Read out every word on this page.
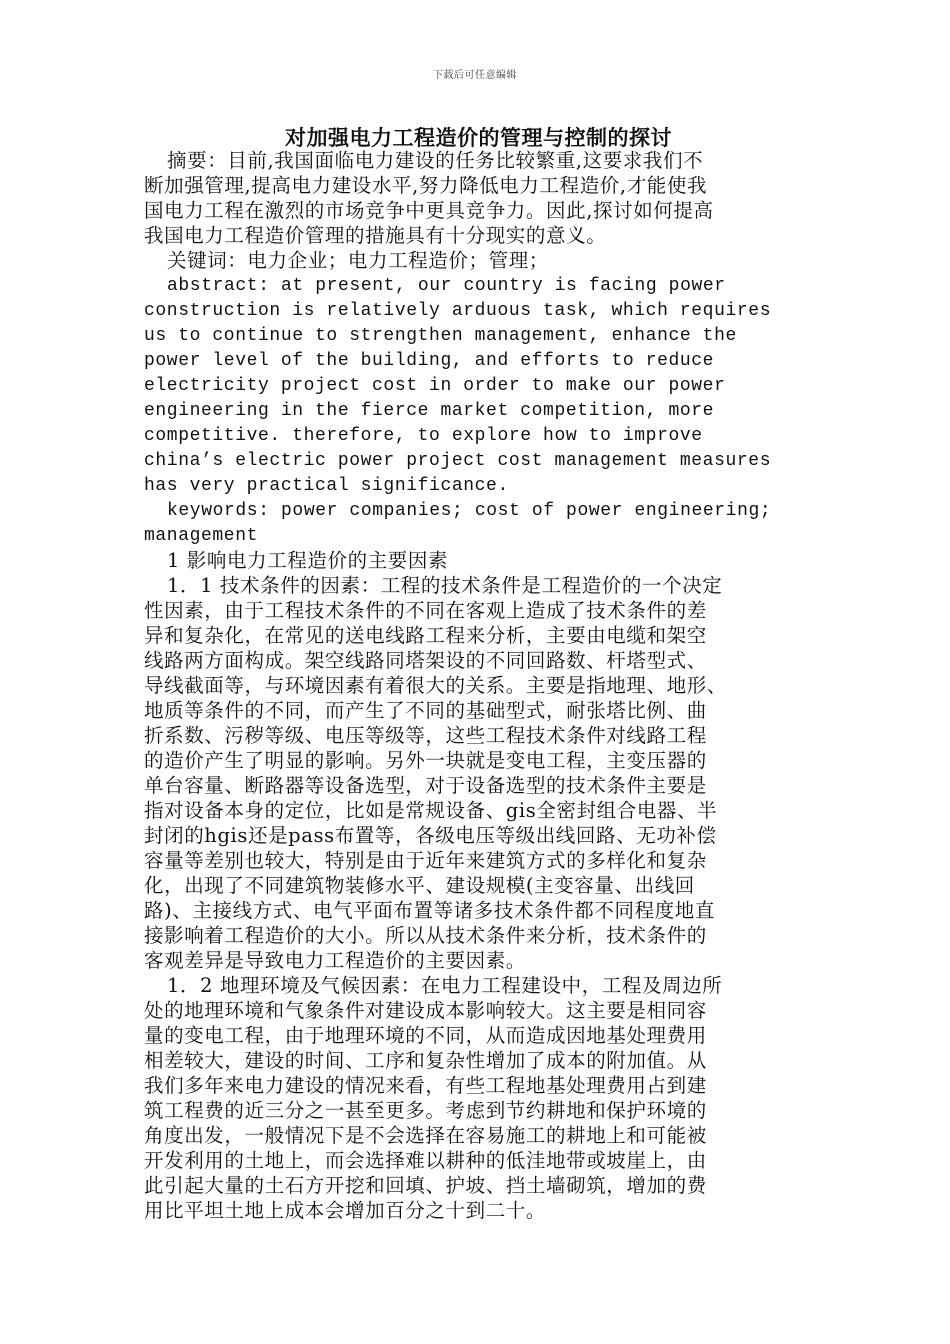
下载后可任意编辑
对加强电力工程造价的管理与控制的探讨
摘要：目前,我国面临电力建设的任务比较繁重,这要求我们不
断加强管理,提高电力建设水平,努力降低电力工程造价,才能使我
国电力工程在激烈的市场竞争中更具竞争力。因此,探讨如何提高
我国电力工程造价管理的措施具有十分现实的意义。
关键词：电力企业；电力工程造价；管理；
abstract: at present, our country is facing power
construction is relatively arduous task, which requires
us to continue to strengthen management, enhance the
power level of the building, and efforts to reduce
electricity project cost in order to make our power
engineering in the fierce market competition, more
competitive. therefore, to explore how to improve
china’s electric power project cost management measures
has very practical significance.
keywords: power companies; cost of power engineering;
management
1 影响电力工程造价的主要因素
1．1 技术条件的因素：工程的技术条件是工程造价的一个决定
性因素，由于工程技术条件的不同在客观上造成了技术条件的差
异和复杂化，在常见的送电线路工程来分析，主要由电缆和架空
线路两方面构成。架空线路同塔架设的不同回路数、杆塔型式、
导线截面等，与环境因素有着很大的关系。主要是指地理、地形、
地质等条件的不同，而产生了不同的基础型式，耐张塔比例、曲
折系数、污秽等级、电压等级等，这些工程技术条件对线路工程
的造价产生了明显的影响。另外一块就是变电工程，主变压器的
单台容量、断路器等设备选型，对于设备选型的技术条件主要是
指对设备本身的定位，比如是常规设备、gis全密封组合电器、半
封闭的hgis还是pass布置等，各级电压等级出线回路、无功补偿
容量等差别也较大，特别是由于近年来建筑方式的多样化和复杂
化，出现了不同建筑物装修水平、建设规模(主变容量、出线回
路)、主接线方式、电气平面布置等诸多技术条件都不同程度地直
接影响着工程造价的大小。所以从技术条件来分析，技术条件的
客观差异是导致电力工程造价的主要因素。
1．2 地理环境及气候因素：在电力工程建设中，工程及周边所
处的地理环境和气象条件对建设成本影响较大。这主要是相同容
量的变电工程，由于地理环境的不同，从而造成因地基处理费用
相差较大，建设的时间、工序和复杂性增加了成本的附加值。从
我们多年来电力建设的情况来看，有些工程地基处理费用占到建
筑工程费的近三分之一甚至更多。考虑到节约耕地和保护环境的
角度出发，一般情况下是不会选择在容易施工的耕地上和可能被
开发利用的土地上，而会选择难以耕种的低洼地带或坡崖上，由
此引起大量的土石方开挖和回填、护坡、挡土墙砌筑，增加的费
用比平坦土地上成本会增加百分之十到二十。
